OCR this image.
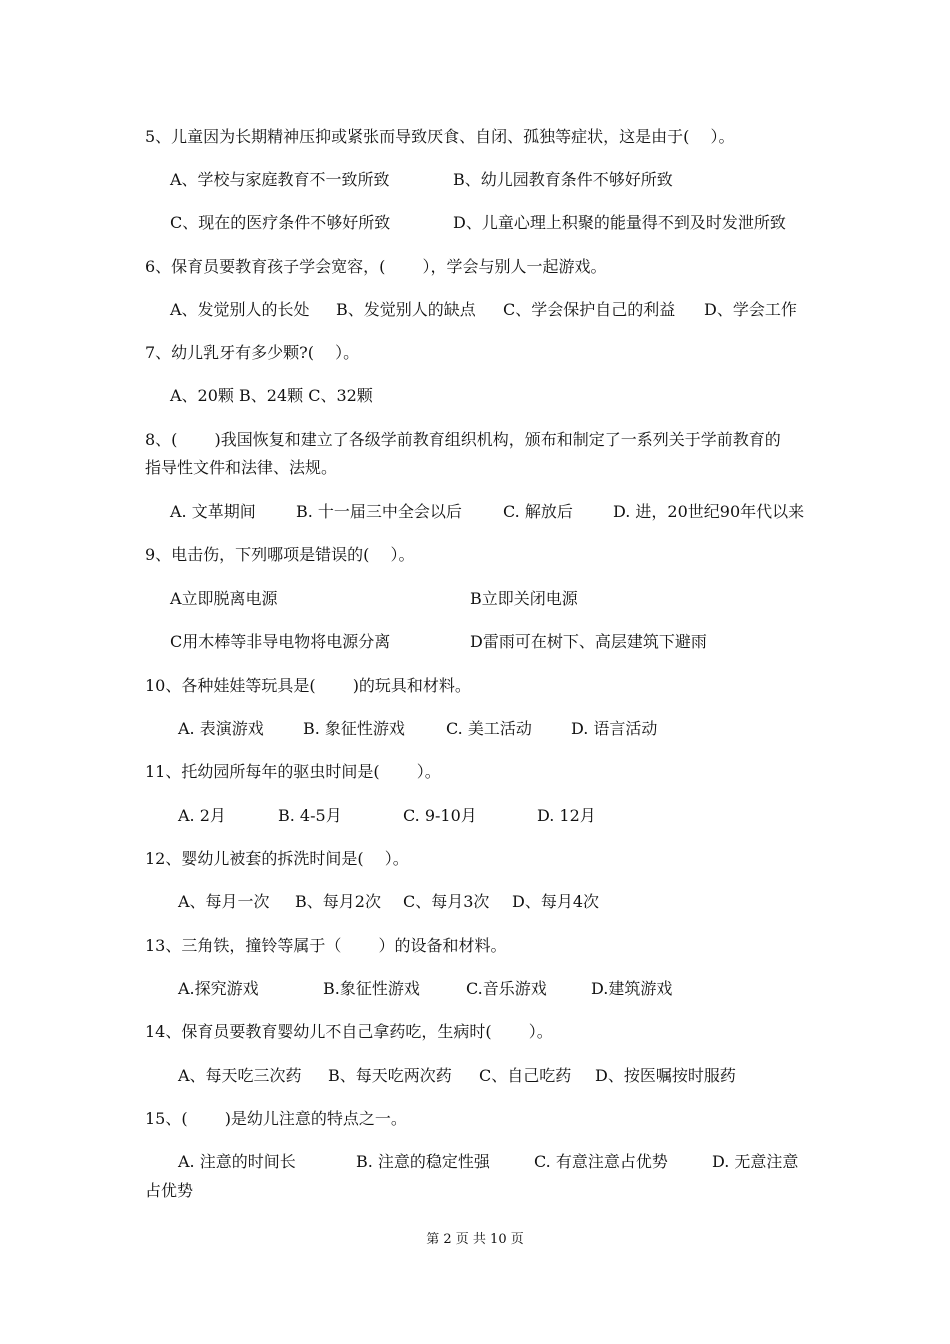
5、儿童因为长期精神压抑或紧张而导致厌食、自闭、孤独等症状，这是由于(　 ）。
A、学校与家庭教育不一致所致	B、幼儿园教育条件不够好所致
C、现在的医疗条件不够好所致	D、儿童心理上积聚的能量得不到及时发泄所致
6、保育员要教育孩子学会宽容，(　　 ），学会与别人一起游戏。
A、发觉别人的长处 B、发觉别人的缺点 C、学会保护自己的利益 D、学会工作
7、幼儿乳牙有多少颗?(　 ）。
A、20颗 B、24颗 C、32颗
8、(　　 )我国恢复和建立了各级学前教育组织机构，颁布和制定了一系列关于学前教育的
指导性文件和法律、法规。
A. 文革期间	B. 十一届三中全会以后	C. 解放后	D. 进，20世纪90年代以来
9、电击伤，下列哪项是错误的(　 ）。
A立即脱离电源	B立即关闭电源
C用木棒等非导电物将电源分离	D雷雨可在树下、高层建筑下避雨
10、各种娃娃等玩具是(　　 )的玩具和材料。
A. 表演游戏 B. 象征性游戏	C. 美工活动 D. 语言活动
11、托幼园所每年的驱虫时间是(　　 ）。
A. 2月	B. 4-5月	C. 9-10月	D. 12月
12、婴幼儿被套的拆洗时间是(　 ）。
A、每月一次 B、每月2次 C、每月3次 D、每月4次
13、三角铁，撞铃等属于（　　 ）的设备和材料。
A.探究游戏	B.象征性游戏	C.音乐游戏	D.建筑游戏
14、保育员要教育婴幼儿不自己拿药吃，生病时(　　 ）。
A、每天吃三次药 B、每天吃两次药 C、自己吃药 D、按医嘱按时服药
15、(　　 )是幼儿注意的特点之一。
A. 注意的时间长	B. 注意的稳定性强	C. 有意注意占优势	D. 无意注意
占优势
第 2 页 共 10 页
